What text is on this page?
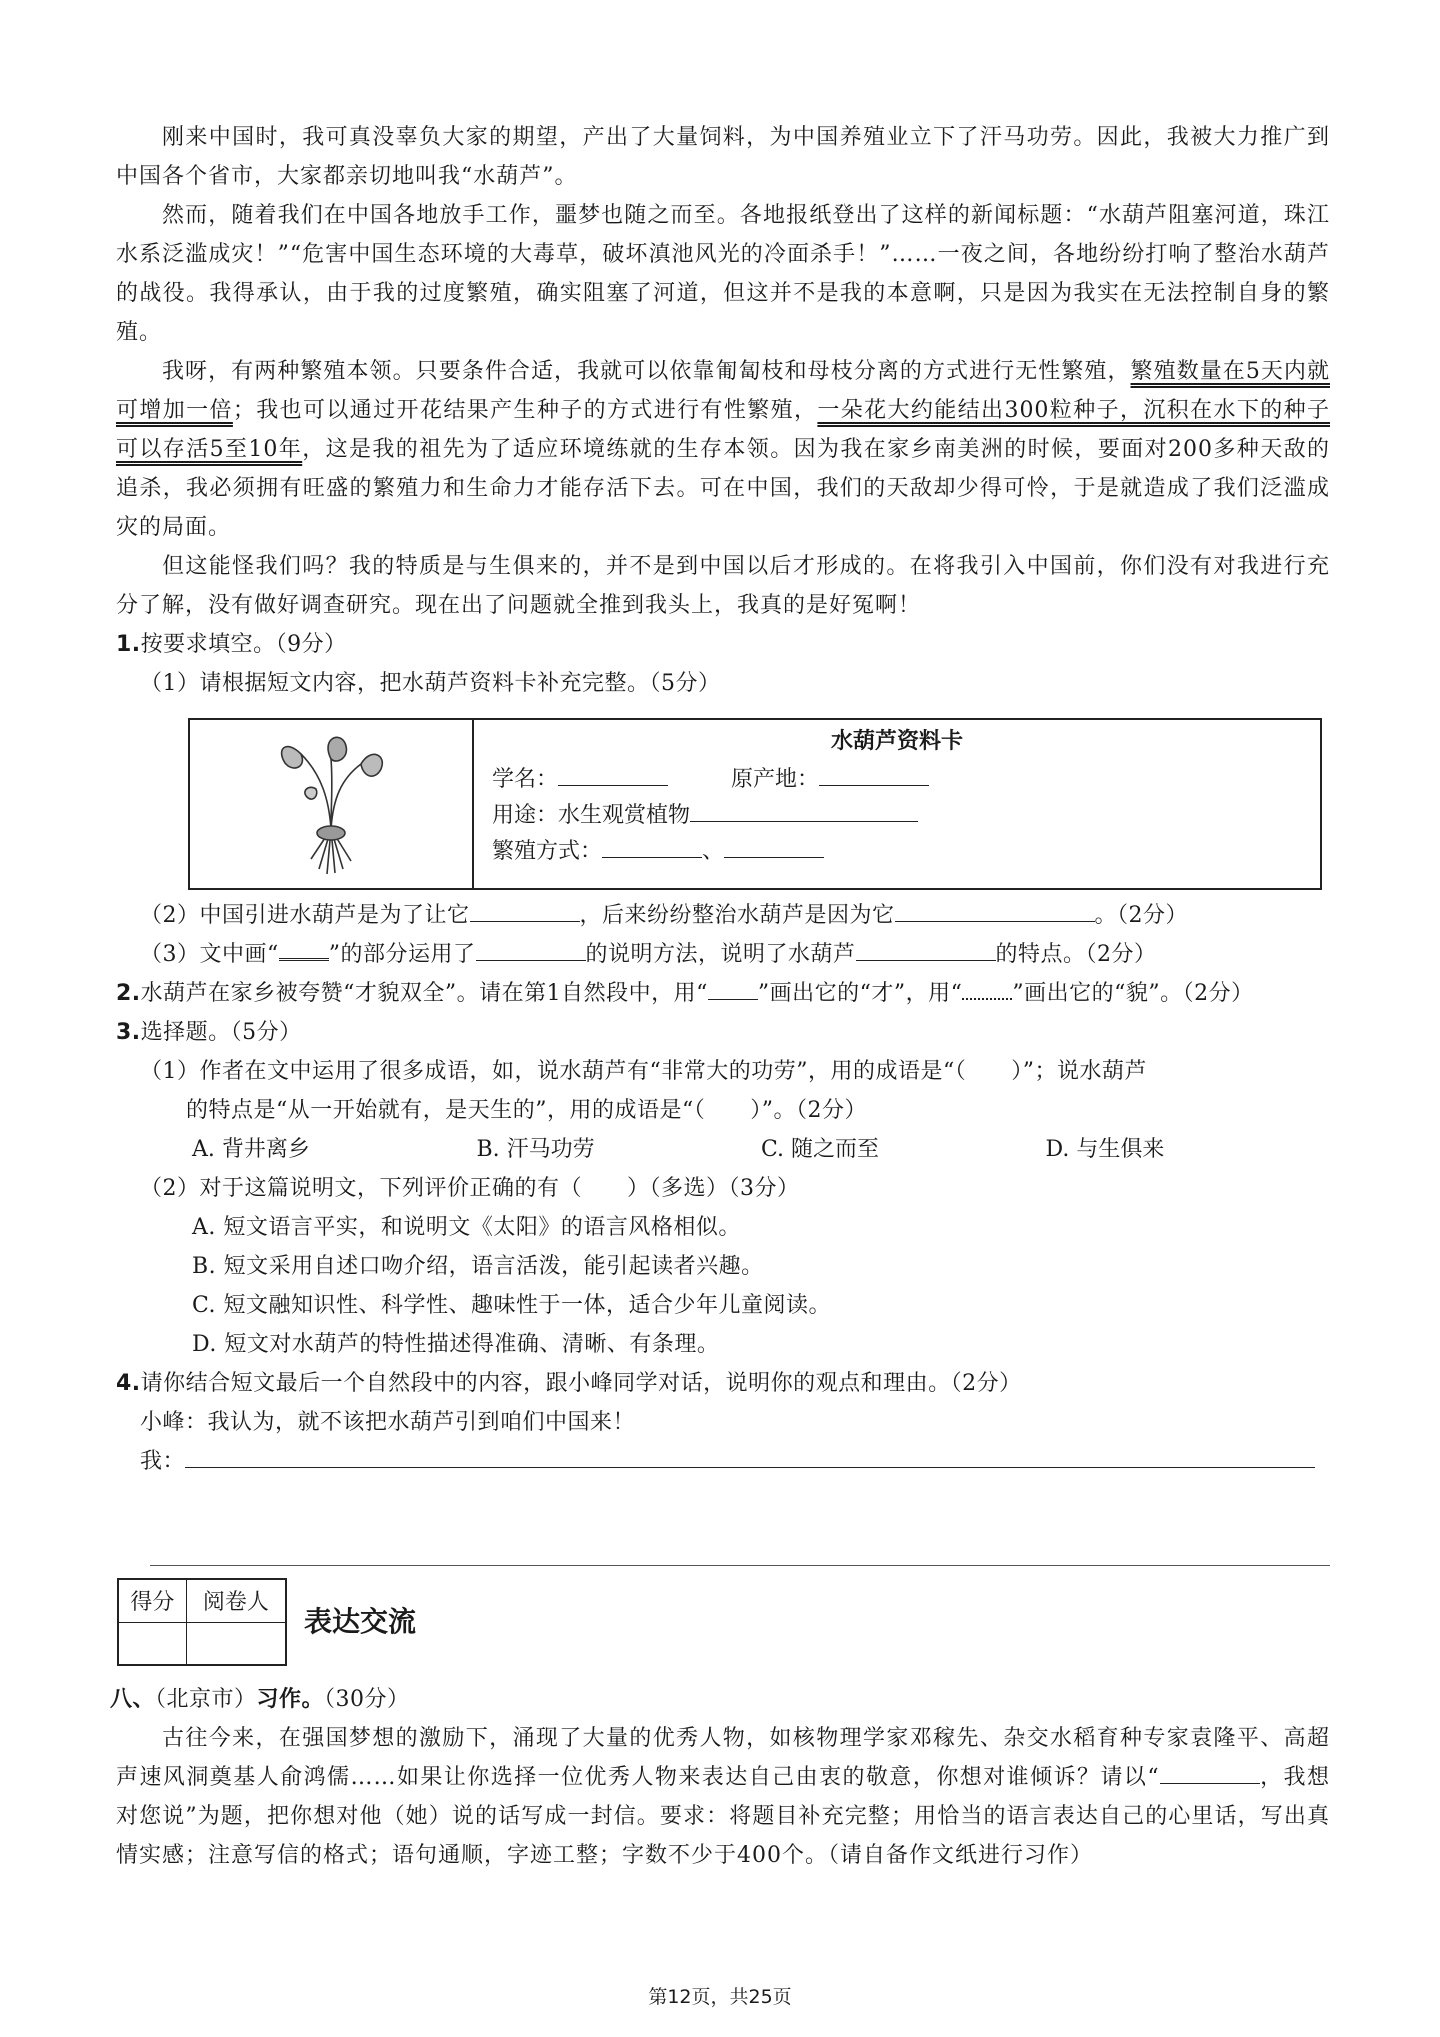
刚来中国时，我可真没辜负大家的期望，产出了大量饲料，为中国养殖业立下了汗马功劳。因此，我被大力推广到中国各个省市，大家都亲切地叫我“水葫芦”。

然而，随着我们在中国各地放手工作，噩梦也随之而至。各地报纸登出了这样的新闻标题：“水葫芦阻塞河道，珠江水系泛滥成灾！”“危害中国生态环境的大毒草，破坏滇池风光的冷面杀手！”……一夜之间，各地纷纷打响了整治水葫芦的战役。我得承认，由于我的过度繁殖，确实阻塞了河道，但这并不是我的本意啊，只是因为我实在无法控制自身的繁殖。

我呀，有两种繁殖本领。只要条件合适，我就可以依靠匍匐枝和母枝分离的方式进行无性繁殖，繁殖数量在5天内就可增加一倍；我也可以通过开花结果产生种子的方式进行有性繁殖，一朵花大约能结出300粒种子，沉积在水下的种子可以存活5至10年，这是我的祖先为了适应环境练就的生存本领。因为我在家乡南美洲的时候，要面对200多种天敌的追杀，我必须拥有旺盛的繁殖力和生命力才能存活下去。可在中国，我们的天敌却少得可怜，于是就造成了我们泛滥成灾的局面。

但这能怪我们吗？我的特质是与生俱来的，并不是到中国以后才形成的。在将我引入中国前，你们没有对我进行充分了解，没有做好调查研究。现在出了问题就全推到我头上，我真的是好冤啊！

1.按要求填空。（9分）

（1）请根据短文内容，把水葫芦资料卡补充完整。（5分）

水葫芦资料卡
学名：	原产地：
用途：水生观赏植物
繁殖方式：	、

（2）中国引进水葫芦是为了让它	，后来纷纷整治水葫芦是因为它	。（2分）

（3）文中画“ ”的部分运用了	的说明方法，说明了水葫芦	的特点。（2分）

2.水葫芦在家乡被夸赞“才貌双全”。请在第1自然段中，用“ ”画出它的“才”，用“ ”画出它的“貌”。（2分）

3.选择题。（5分）

（1）作者在文中运用了很多成语，如，说水葫芦有“非常大的功劳”，用的成语是“（　　）”；说水葫芦

的特点是“从一开始就有，是天生的”，用的成语是“（　　）”。（2分）

A. 背井离乡	B. 汗马功劳	C. 随之而至	D. 与生俱来

（2）对于这篇说明文，下列评价正确的有（　　）（多选）（3分）

A. 短文语言平实，和说明文《太阳》的语言风格相似。

B. 短文采用自述口吻介绍，语言活泼，能引起读者兴趣。

C. 短文融知识性、科学性、趣味性于一体，适合少年儿童阅读。

D. 短文对水葫芦的特性描述得准确、清晰、有条理。

4.请你结合短文最后一个自然段中的内容，跟小峰同学对话，说明你的观点和理由。（2分）

小峰：我认为，就不该把水葫芦引到咱们中国来！

我：

得分	阅卷人

表达交流

八、（北京市）习作。（30分）

古往今来，在强国梦想的激励下，涌现了大量的优秀人物，如核物理学家邓稼先、杂交水稻育种专家袁隆平、高超声速风洞奠基人俞鸿儒……如果让你选择一位优秀人物来表达自己由衷的敬意，你想对谁倾诉？请以“	，我想对您说”为题，把你想对他（她）说的话写成一封信。要求：将题目补充完整；用恰当的语言表达自己的心里话，写出真情实感；注意写信的格式；语句通顺，字迹工整；字数不少于400个。（请自备作文纸进行习作）

第12页，共25页
